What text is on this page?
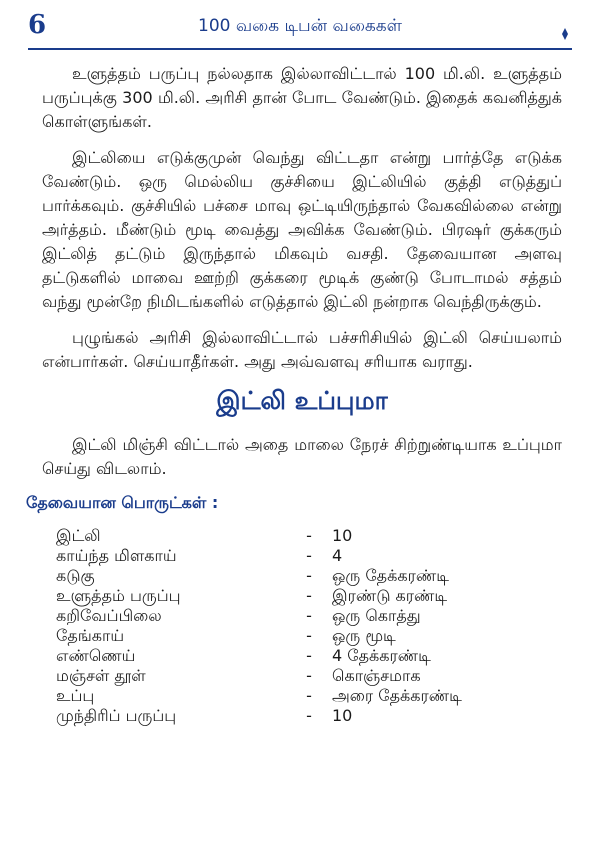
6	100 வகை டிபன் வகைகள்

உளுத்தம் பருப்பு நல்லதாக இல்லாவிட்டால் 100 மி.லி. உளுத்தம் பருப்புக்கு 300 மி.லி. அரிசி தான் போட வேண்டும். இதைக் கவனித்துக் கொள்ளுங்கள்.

இட்லியை எடுக்குமுன் வெந்து விட்டதா என்று பார்த்தே எடுக்க வேண்டும். ஒரு மெல்லிய குச்சியை இட்லியில் குத்தி எடுத்துப் பார்க்கவும். குச்சியில் பச்சை மாவு ஒட்டியிருந்தால் வேகவில்லை என்று அர்த்தம். மீண்டும் மூடி வைத்து அவிக்க வேண்டும். பிரஷர் குக்கரும் இட்லித் தட்டும் இருந்தால் மிகவும் வசதி. தேவையான அளவு தட்டுகளில் மாவை ஊற்றி குக்கரை மூடிக் குண்டு போடாமல் சத்தம் வந்து மூன்றே நிமிடங்களில் எடுத்தால் இட்லி நன்றாக வெந்திருக்கும்.

புழுங்கல் அரிசி இல்லாவிட்டால் பச்சரிசியில் இட்லி செய்யலாம் என்பார்கள். செய்யாதீர்கள். அது அவ்வளவு சரியாக வராது.

இட்லி உப்புமா

இட்லி மிஞ்சி விட்டால் அதை மாலை நேரச் சிற்றுண்டியாக உப்புமா செய்து விடலாம்.

தேவையான பொருட்கள் :
இட்லி	-	10
காய்ந்த மிளகாய்	-	4
கடுகு	-	ஒரு தேக்கரண்டி
உளுத்தம் பருப்பு	-	இரண்டு கரண்டி
கறிவேப்பிலை	-	ஒரு கொத்து
தேங்காய்	-	ஒரு மூடி
எண்ணெய்	-	4 தேக்கரண்டி
மஞ்சள் தூள்	-	கொஞ்சமாக
உப்பு	-	அரை தேக்கரண்டி
முந்திரிப் பருப்பு	-	10
